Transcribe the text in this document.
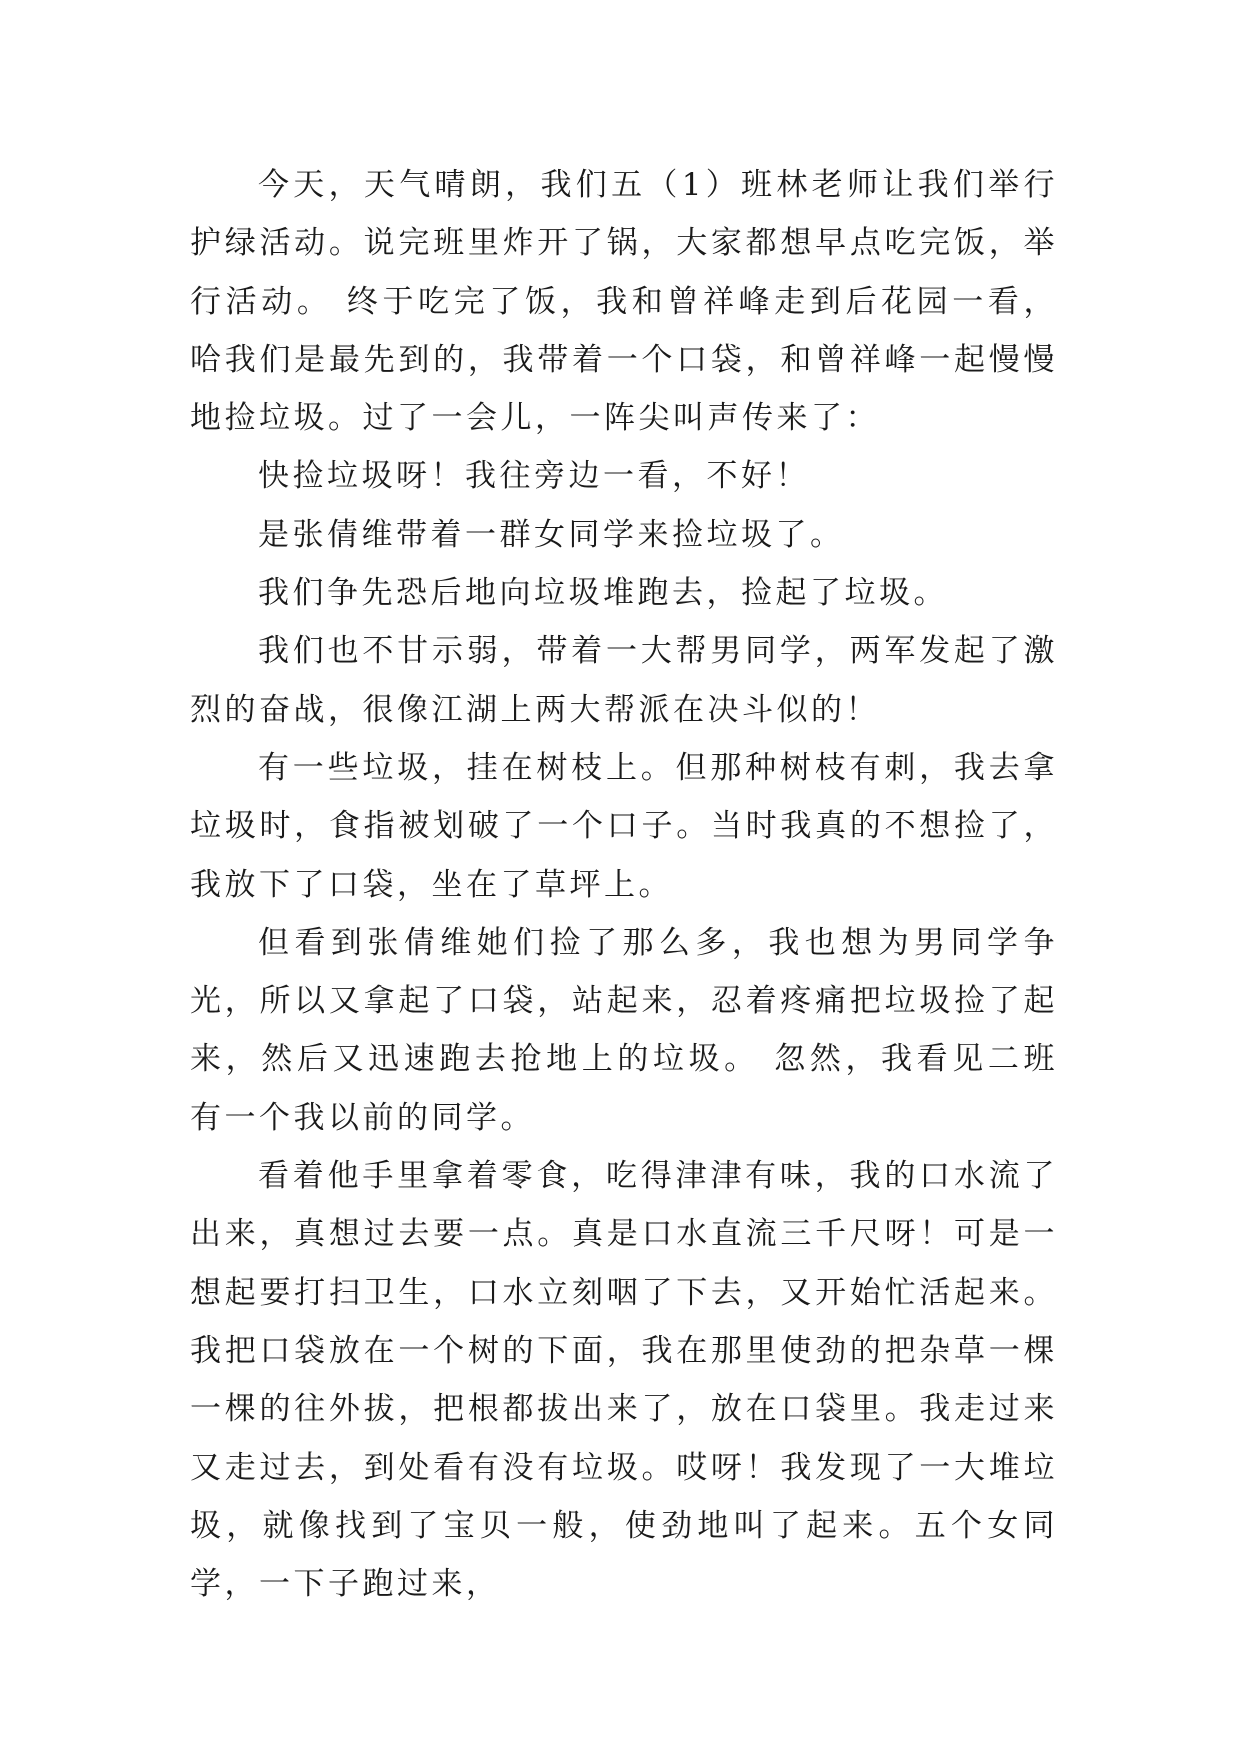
今天，天气晴朗，我们五（1）班林老师让我们举行护绿活动。说完班里炸开了锅，大家都想早点吃完饭，举行活动。 终于吃完了饭，我和曾祥峰走到后花园一看，哈我们是最先到的，我带着一个口袋，和曾祥峰一起慢慢地捡垃圾。过了一会儿，一阵尖叫声传来了：

快捡垃圾呀！我往旁边一看，不好！

是张倩维带着一群女同学来捡垃圾了。

我们争先恐后地向垃圾堆跑去，捡起了垃圾。

我们也不甘示弱，带着一大帮男同学，两军发起了激烈的奋战，很像江湖上两大帮派在决斗似的！

有一些垃圾，挂在树枝上。但那种树枝有刺，我去拿垃圾时，食指被划破了一个口子。当时我真的不想捡了，我放下了口袋，坐在了草坪上。

但看到张倩维她们捡了那么多，我也想为男同学争光，所以又拿起了口袋，站起来，忍着疼痛把垃圾捡了起来，然后又迅速跑去抢地上的垃圾。 忽然，我看见二班有一个我以前的同学。

看着他手里拿着零食，吃得津津有味，我的口水流了出来，真想过去要一点。真是口水直流三千尺呀！可是一想起要打扫卫生，口水立刻咽了下去，又开始忙活起来。 我把口袋放在一个树的下面，我在那里使劲的把杂草一棵一棵的往外拔，把根都拔出来了，放在口袋里。我走过来又走过去，到处看有没有垃圾。哎呀！我发现了一大堆垃圾，就像找到了宝贝一般，使劲地叫了起来。五个女同学，一下子跑过来，
